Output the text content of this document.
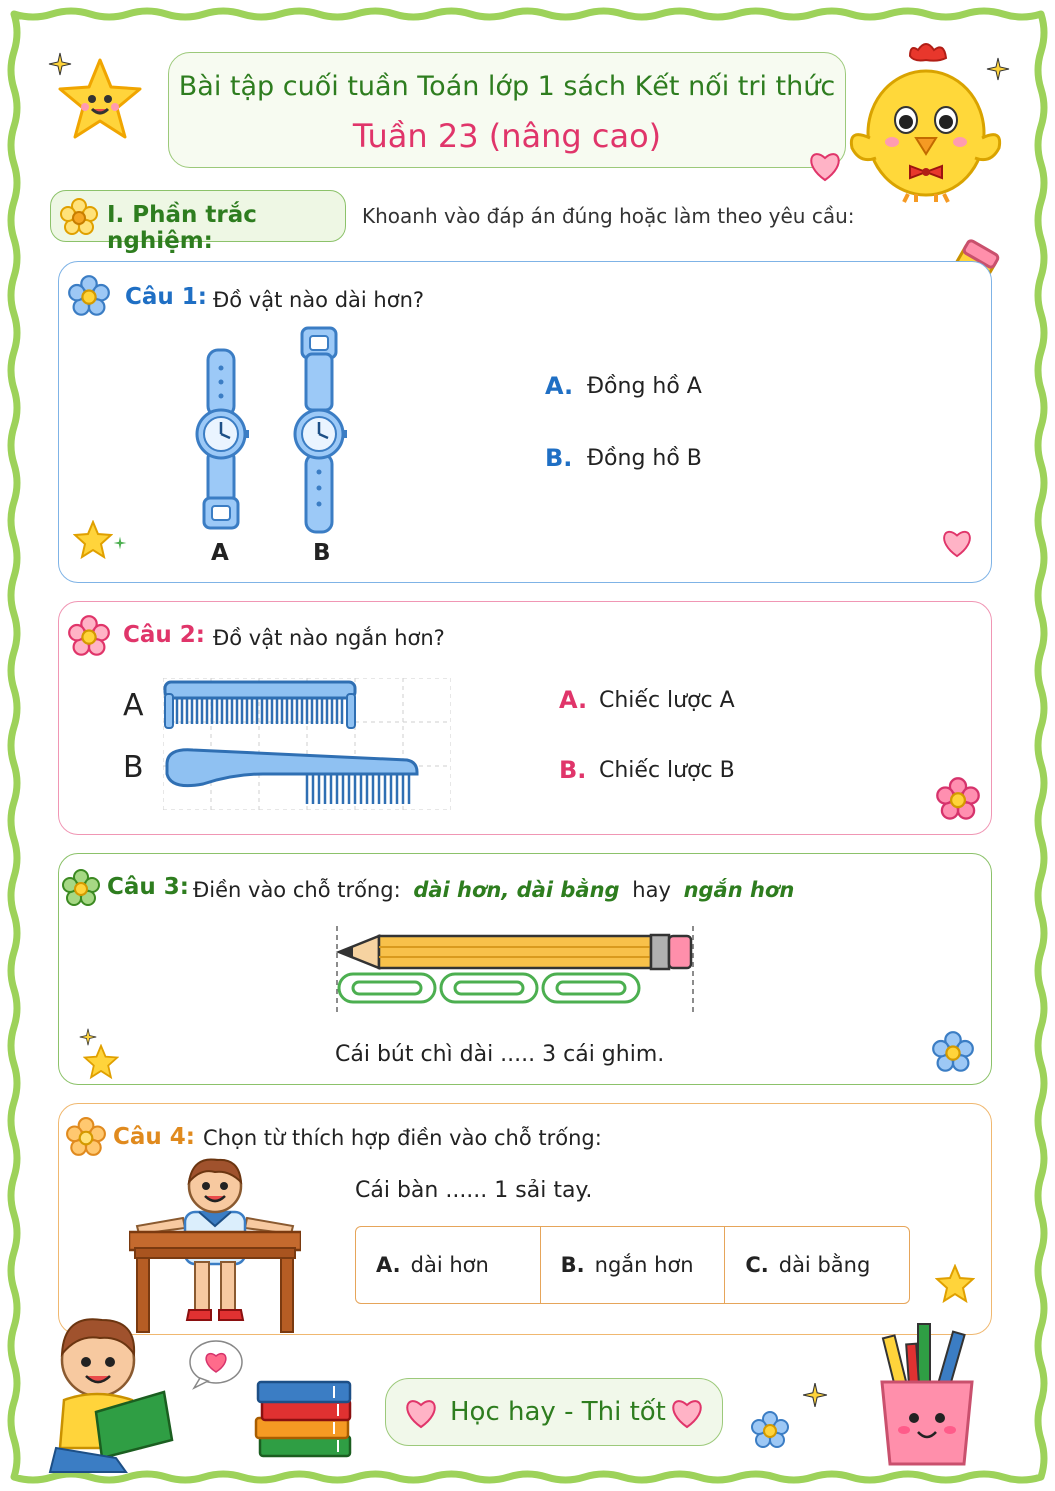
Bài tập cuối tuần Toán lớp 1 sách Kết nối tri thức
Tuần 23 (nâng cao)
I. Phần trắc nghiệm:
Khoanh vào đáp án đúng hoặc làm theo yêu cầu:
Câu 1: Đồ vật nào dài hơn?
A	B
A. Đồng hồ A
B. Đồng hồ B
Câu 2: Đồ vật nào ngắn hơn?
A
B
A. Chiếc lược A
B. Chiếc lược B
Câu 3: Điền vào chỗ trống: dài hơn, dài bằng hay ngắn hơn
Cái bút chì dài ..... 3 cái ghim.
Câu 4: Chọn từ thích hợp điền vào chỗ trống:
Cái bàn ...... 1 sải tay.
A. dài hơn	B. ngắn hơn C. dài bằng
Học hay - Thi tốt
